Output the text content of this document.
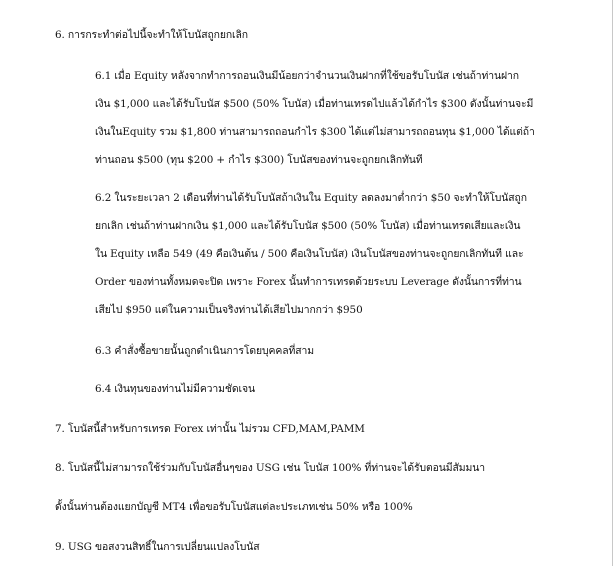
6. การกระทำต่อไปนี้จะทำให้โบนัสถูกยกเลิก
6.1 เมื่อ Equity หลังจากทำการถอนเงินมีน้อยกว่าจำนวนเงินฝากที่ใช้ขอรับโบนัส เช่นถ้าท่านฝาก
เงิน $1,000 และได้รับโบนัส $500 (50% โบนัส) เมื่อท่านเทรดไปแล้วได้กำไร $300 ดังนั้นท่านจะมี
เงินในEquity รวม $1,800 ท่านสามารถถอนกำไร $300 ได้แต่ไม่สามารถถอนทุน $1,000 ได้แต่ถ้า
ท่านถอน $500 (ทุน $200 + กำไร $300) โบนัสของท่านจะถูกยกเลิกทันที
6.2 ในระยะเวลา 2 เดือนที่ท่านได้รับโบนัสถ้าเงินใน Equity ลดลงมาต่ำกว่า $50 จะทำให้โบนัสถูก
ยกเลิก เช่นถ้าท่านฝากเงิน $1,000 และได้รับโบนัส $500 (50% โบนัส) เมื่อท่านเทรดเสียและเงิน
ใน Equity เหลือ 549 (49 คือเงินต้น / 500 คือเงินโบนัส) เงินโบนัสของท่านจะถูกยกเลิกทันที และ
Order ของท่านทั้งหมดจะปิด เพราะ Forex นั้นทำการเทรดด้วยระบบ Leverage ดังนั้นการที่ท่าน
เสียไป $950 แต่ในความเป็นจริงท่านได้เสียไปมากกว่า $950
6.3 คำสั่งซื้อขายนั้นถูกดำเนินการโดยบุคคลที่สาม
6.4 เงินทุนของท่านไม่มีความชัดเจน
7. โบนัสนี้สำหรับการเทรด Forex เท่านั้น ไม่รวม CFD,MAM,PAMM
8. โบนัสนี้ไม่สามารถใช้ร่วมกับโบนัสอื่นๆของ USG เช่น โบนัส 100% ที่ท่านจะได้รับตอนมีสัมมนา
ดั้งนั้นท่านต้องแยกบัญชี MT4 เพื่อขอรับโบนัสแต่ละประเภทเช่น 50% หรือ 100%
9. USG ขอสงวนสิทธิ์ในการเปลี่ยนแปลงโบนัส
